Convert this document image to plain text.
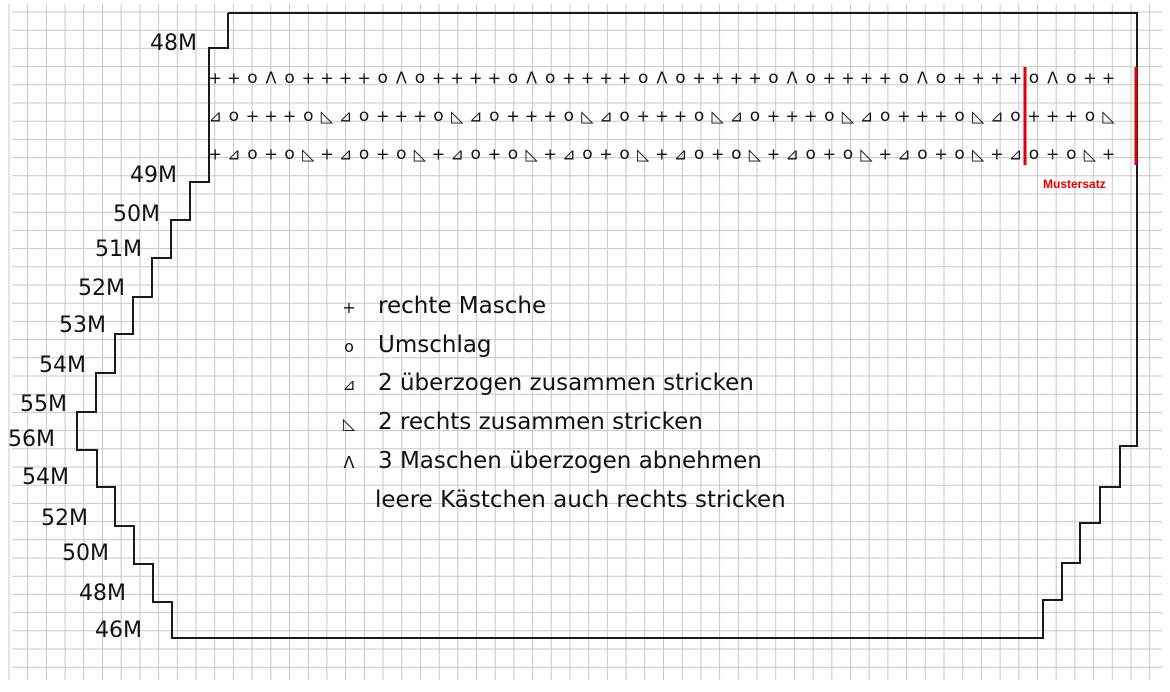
+ + o ᐱ o + + + + o ᐱ o + + + + o ᐱ o + + + + o ᐱ o + + + + o ᐱ o + + + + o ᐱ o + + + + o ᐱ o + +
⊿ o + + + o ◺ ⊿ o + + + o ◺ ⊿ o + + + o ◺ ⊿ o + + + o ◺ ⊿ o + + + o ◺ ⊿ o + + + o ◺ ⊿ o + + + o ◺
+ ⊿ o + o ◺ + ⊿ o + o ◺ + ⊿ o + o ◺ + ⊿ o + o ◺ + ⊿ o + o ◺ + ⊿ o + o ◺ + ⊿ o + o ◺ + ⊿ o + o ◺ +
48M
49M
50M
51M
52M
53M
54M
55M
56M
54M
52M
50M
48M
46M
Mustersatz
+ rechte Masche
o Umschlag
⊿ 2 überzogen zusammen stricken
◺ 2 rechts zusammen stricken
ᐱ 3 Maschen überzogen abnehmen
leere Kästchen auch rechts stricken
